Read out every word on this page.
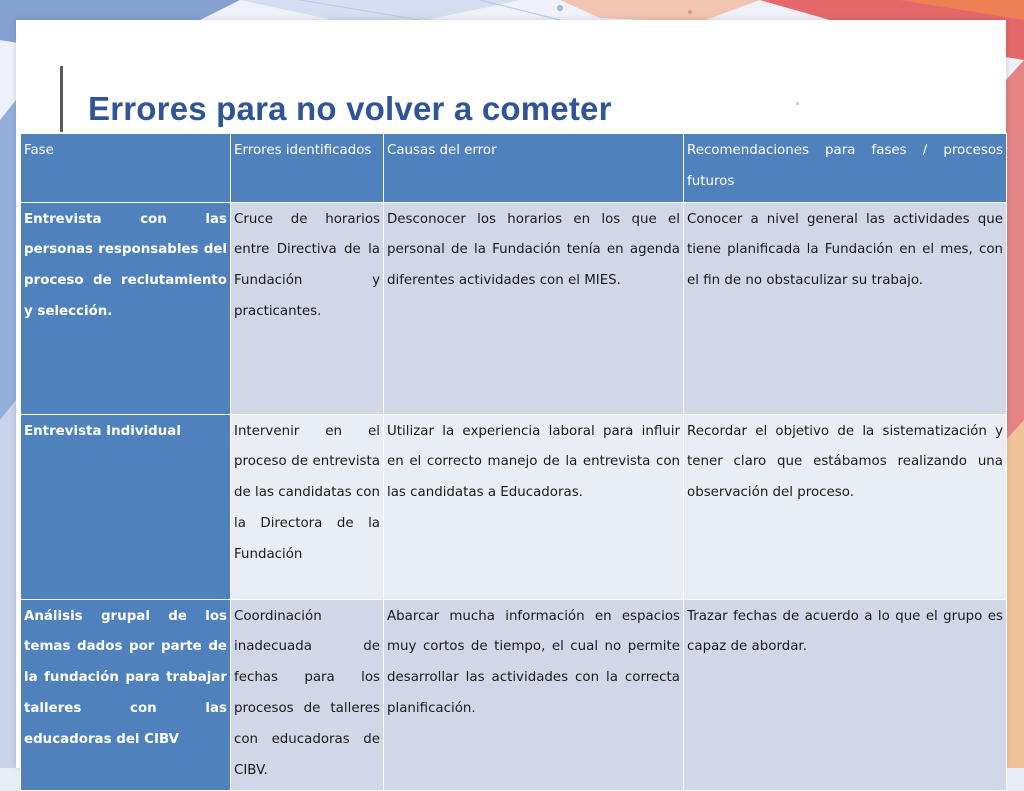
Errores para no volver a cometer
Fase	Errores identificados	Causas del error	Recomendaciones para fases / procesos futuros
Entrevista con las personas responsables del proceso de reclutamiento y selección.	Cruce de horarios entre Directiva de la Fundación y practicantes.	Desconocer los horarios en los que el personal de la Fundación tenía en agenda diferentes actividades con el MIES.	Conocer a nivel general las actividades que tiene planificada la Fundación en el mes, con el fin de no obstaculizar su trabajo.
Entrevista Individual	Intervenir en el proceso de entrevista de las candidatas con la Directora de la Fundación	Utilizar la experiencia laboral para influir en el correcto manejo de la entrevista con las candidatas a Educadoras.	Recordar el objetivo de la sistematización y tener claro que estábamos realizando una observación del proceso.
Análisis grupal de los temas dados por parte de la fundación para trabajar talleres con las educadoras del CIBV	Coordinación inadecuada de fechas para los procesos de talleres con educadoras de CIBV.	Abarcar mucha información en espacios muy cortos de tiempo, el cual no permite desarrollar las actividades con la correcta planificación.	Trazar fechas de acuerdo a lo que el grupo es capaz de abordar.
